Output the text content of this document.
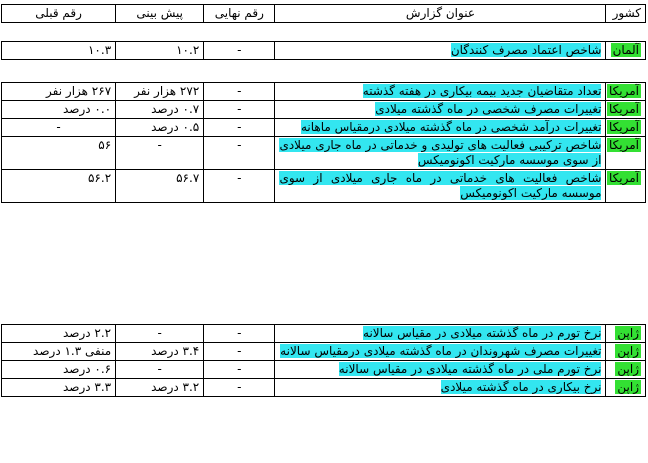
کشور	عنوان گزارش	رقم نهایی	پیش بینی	رقم قبلی
آلمان	شاخص اعتماد مصرف کنندگان	-	۱۰.۲	۱۰.۳
آمریکا	تعداد متقاضیان جدید بیمه بیکاری در هفته گذشته	-	۲۷۲ هزار نفر	۲۶۷ هزار نفر
آمریکا	تغییرات مصرف شخصی در ماه گذشته میلادی	-	۰.۷ درصد	۰.۰ درصد
آمریکا	تغییرات درآمد شخصی در ماه گذشته میلادی درمقیاس ماهانه	-	۰.۵ درصد	-
آمریکا	شاخص ترکیبی فعالیت های تولیدی و خدماتی در ماه جاری میلادی از سوی موسسه مارکیت اکونومیکس	-	-	۵۶
آمریکا	شاخص فعالیت های خدماتی در ماه جاری میلادی از سوی موسسه مارکیت اکونومیکس	-	۵۶.۷	۵۶.۲
ژاپن	نرخ تورم در ماه گذشته میلادی در مقیاس سالانه	-	-	۲.۲ درصد
ژاپن	تغییرات مصرف شهروندان در ماه گذشته میلادی درمقیاس سالانه	-	۳.۴ درصد	منفی ۱.۳ درصد
ژاپن	نرخ تورم ملی در ماه گذشته میلادی در مقیاس سالانه	-	-	۰.۶ درصد
ژاپن	نرخ بیکاری در ماه گذشته میلادی	-	۳.۲ درصد	۳.۳ درصد
